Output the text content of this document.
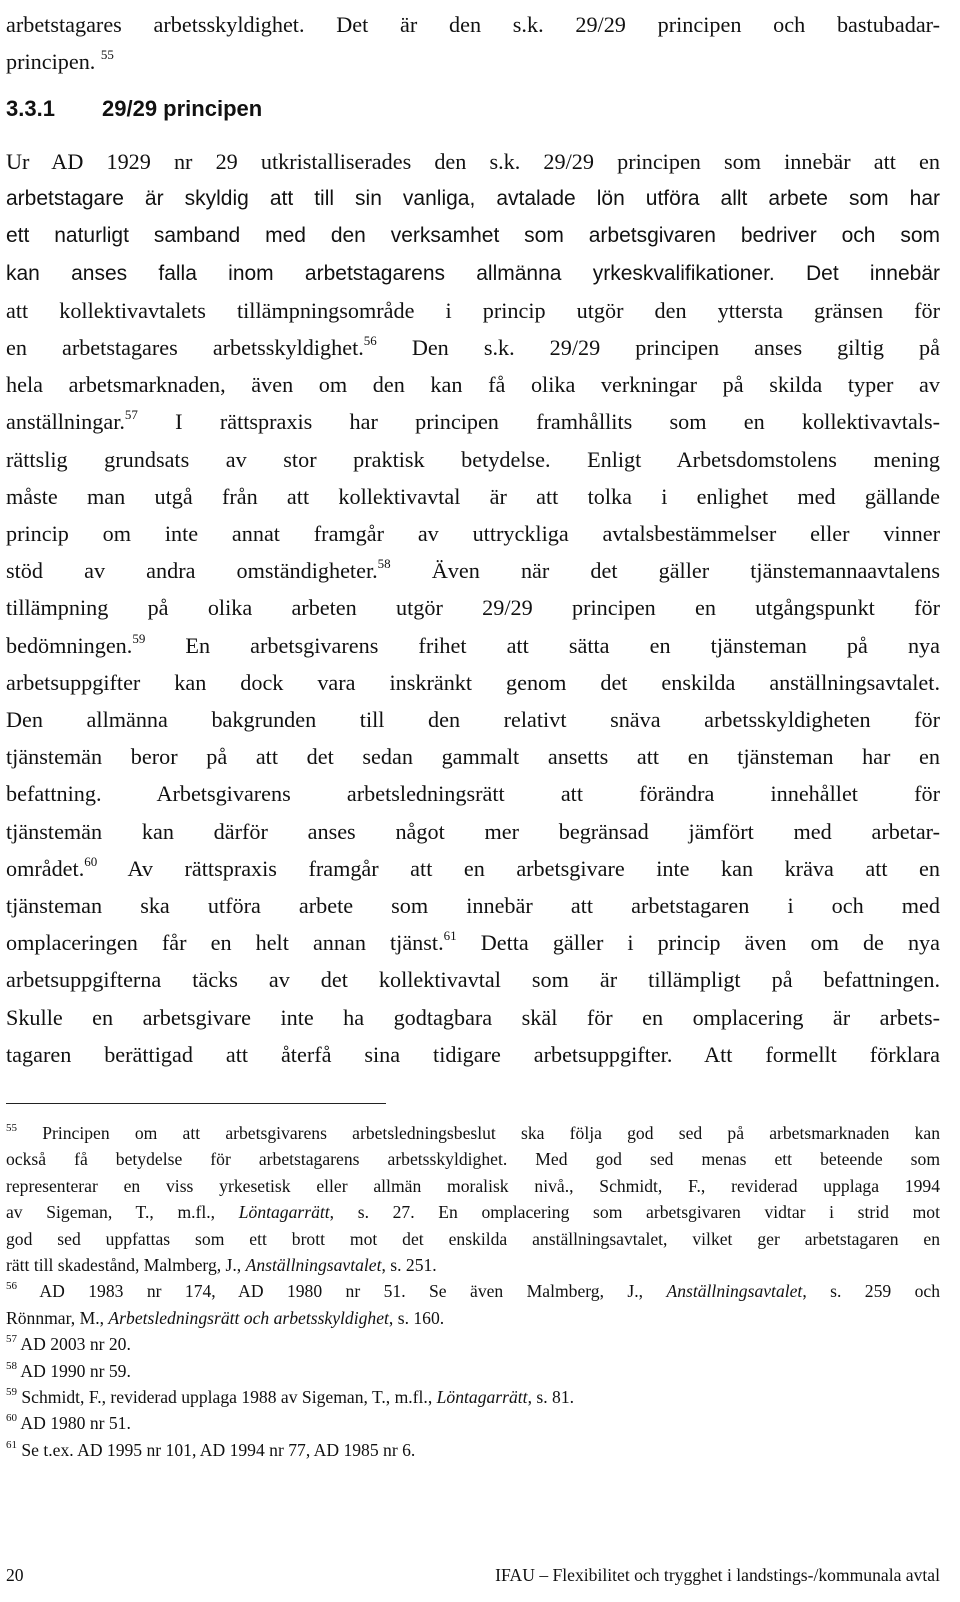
arbetstagares arbetsskyldighet. Det är den s.k. 29/29 principen och bastubadar-
principen. $^{55}$

3.3.1 29/29 principen

Ur AD 1929 nr 29 utkristalliserades den s.k. 29/29 principen som innebär att en
arbetstagare är skyldig att till sin vanliga, avtalade lön utföra allt arbete som har
ett naturligt samband med den verksamhet som arbetsgivaren bedriver och som
kan anses falla inom arbetstagarens allmänna yrkeskvalifikationer. Det innebär
att kollektivavtalets tillämpningsområde i princip utgör den yttersta gränsen för
en arbetstagares arbetsskyldighet.$^{56}$ Den s.k. 29/29 principen anses giltig på
hela arbetsmarknaden, även om den kan få olika verkningar på skilda typer av
anställningar.$^{57}$ I rättspraxis har principen framhållits som en kollektivavtals-
rättslig grundsats av stor praktisk betydelse. Enligt Arbetsdomstolens mening
måste man utgå från att kollektivavtal är att tolka i enlighet med gällande
princip om inte annat framgår av uttryckliga avtalsbestämmelser eller vinner
stöd av andra omständigheter.$^{58}$ Även när det gäller tjänstemannaavtalens
tillämpning på olika arbeten utgör 29/29 principen en utgångspunkt för
bedömningen.$^{59}$ En arbetsgivarens frihet att sätta en tjänsteman på nya
arbetsuppgifter kan dock vara inskränkt genom det enskilda anställningsavtalet.
Den allmänna bakgrunden till den relativt snäva arbetsskyldigheten för
tjänstemän beror på att det sedan gammalt ansetts att en tjänsteman har en
befattning. Arbetsgivarens arbetsledningsrätt att förändra innehållet för
tjänstemän kan därför anses något mer begränsad jämfört med arbetar-
området.$^{60}$ Av rättspraxis framgår att en arbetsgivare inte kan kräva att en
tjänsteman ska utföra arbete som innebär att arbetstagaren i och med
omplaceringen får en helt annan tjänst.$^{61}$ Detta gäller i princip även om de nya
arbetsuppgifterna täcks av det kollektivavtal som är tillämpligt på befattningen.
Skulle en arbetsgivare inte ha godtagbara skäl för en omplacering är arbets-
tagaren berättigad att återfå sina tidigare arbetsuppgifter. Att formellt förklara

$^{55}$ Principen om att arbetsgivarens arbetsledningsbeslut ska följa god sed på arbetsmarknaden kan
också få betydelse för arbetstagarens arbetsskyldighet. Med god sed menas ett beteende som
representerar en viss yrkesetisk eller allmän moralisk nivå., Schmidt, F., reviderad upplaga 1994
av Sigeman, T., m.fl., Löntagarrätt, s. 27. En omplacering som arbetsgivaren vidtar i strid mot
god sed uppfattas som ett brott mot det enskilda anställningsavtalet, vilket ger arbetstagaren en
rätt till skadestånd, Malmberg, J., Anställningsavtalet, s. 251.
$^{56}$ AD 1983 nr 174, AD 1980 nr 51. Se även Malmberg, J., Anställningsavtalet, s. 259 och
Rönnmar, M., Arbetsledningsrätt och arbetsskyldighet, s. 160.
$^{57}$ AD 2003 nr 20.
$^{58}$ AD 1990 nr 59.
$^{59}$ Schmidt, F., reviderad upplaga 1988 av Sigeman, T., m.fl., Löntagarrätt, s. 81.
$^{60}$ AD 1980 nr 51.
$^{61}$ Se t.ex. AD 1995 nr 101, AD 1994 nr 77, AD 1985 nr 6.
20	IFAU – Flexibilitet och trygghet i landstings-/kommunala avtal
